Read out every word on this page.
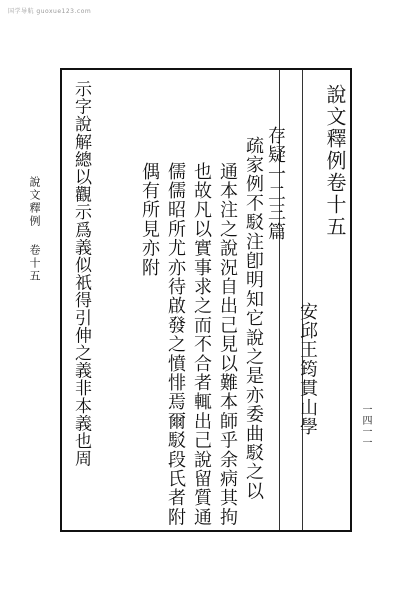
国学导航 guoxue123.com
說文釋例卷十五
安邱王筠貫山學
存疑一二三篇
疏家例不駁注卽明知它說之是亦委曲駁之以
通本注之說況自出己見以難本師乎余病其拘
也故凡以實事求之而不合者輒出己說留質通
儒儒昭所尤亦待啟發之憤悱焉爾駁段氏者附
偶有所見亦附
示字說解總以觀示爲義似祇得引伸之義非本義也周
說文釋例卷十五
一四一一
